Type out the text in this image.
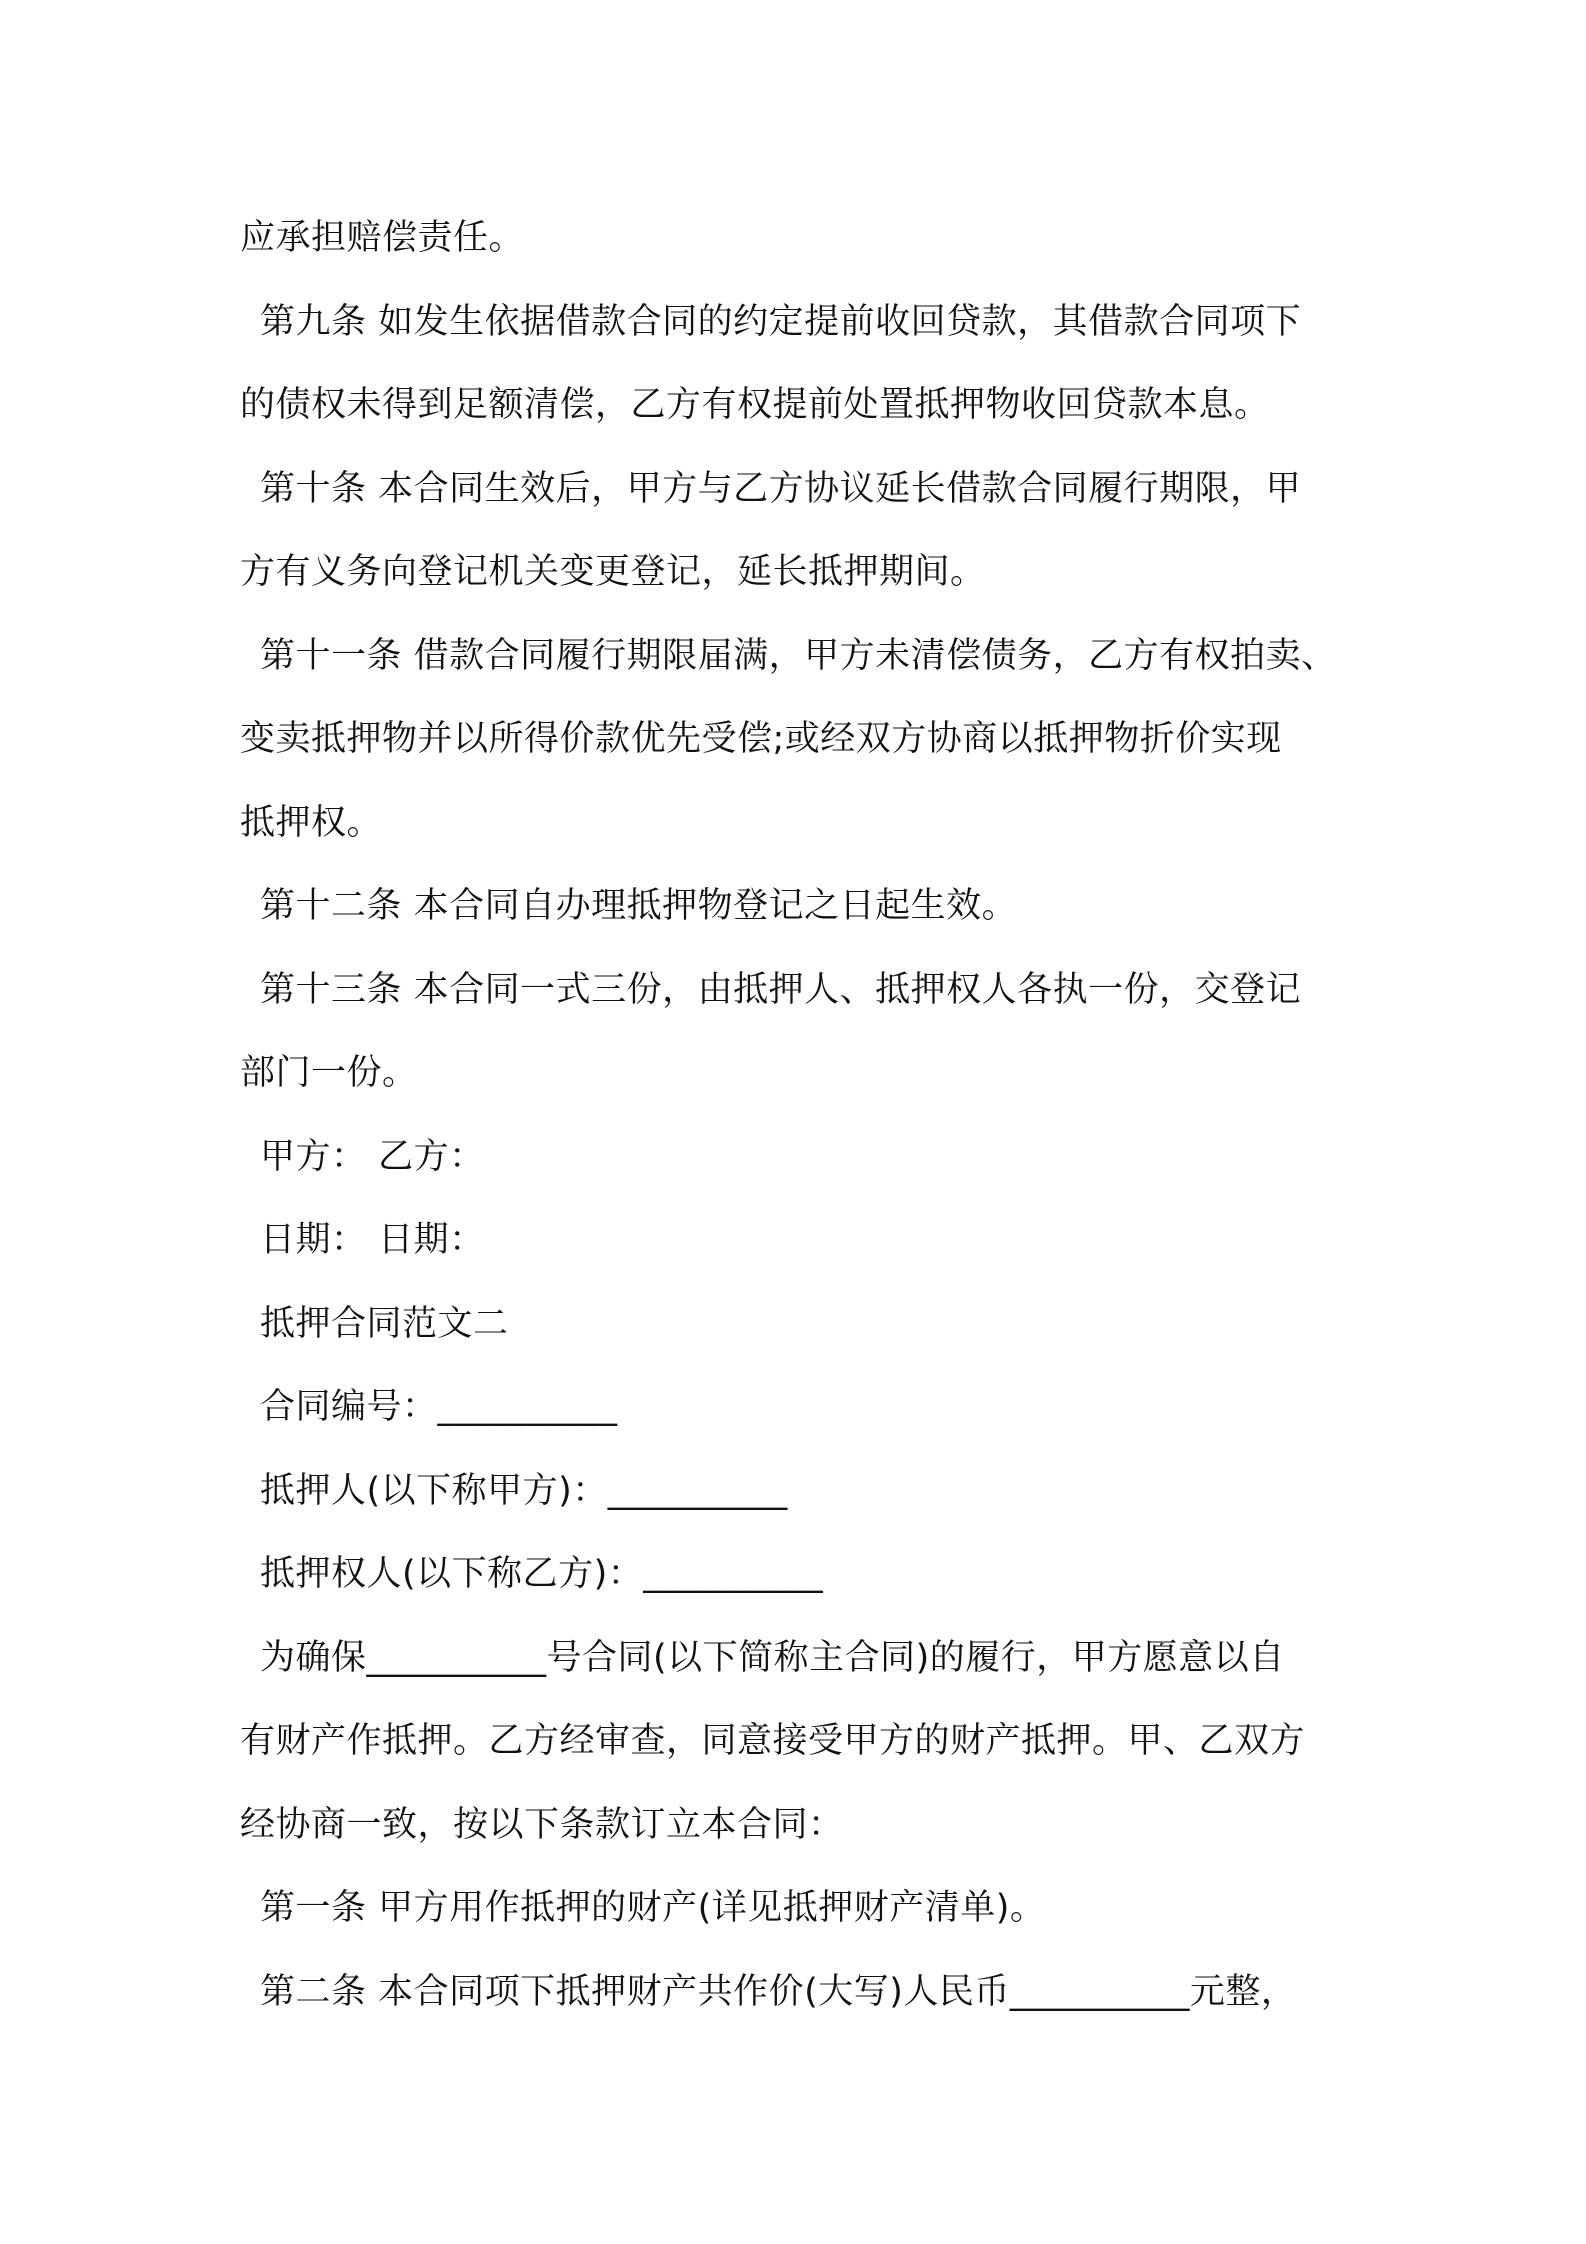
应承担赔偿责任。
第九条 如发生依据借款合同的约定提前收回贷款，其借款合同项下
的债权未得到足额清偿，乙方有权提前处置抵押物收回贷款本息。
第十条 本合同生效后，甲方与乙方协议延长借款合同履行期限，甲
方有义务向登记机关变更登记，延长抵押期间。
第十一条 借款合同履行期限届满，甲方未清偿债务，乙方有权拍卖、
变卖抵押物并以所得价款优先受偿;或经双方协商以抵押物折价实现
抵押权。
第十二条 本合同自办理抵押物登记之日起生效。
第十三条 本合同一式三份，由抵押人、抵押权人各执一份，交登记
部门一份。
甲方： 乙方：
日期： 日期：
抵押合同范文二
合同编号：__________
抵押人(以下称甲方)：__________
抵押权人(以下称乙方)：__________
为确保__________号合同(以下简称主合同)的履行，甲方愿意以自
有财产作抵押。乙方经审查，同意接受甲方的财产抵押。甲、乙双方
经协商一致，按以下条款订立本合同：
第一条 甲方用作抵押的财产(详见抵押财产清单)。
第二条 本合同项下抵押财产共作价(大写)人民币__________元整，
